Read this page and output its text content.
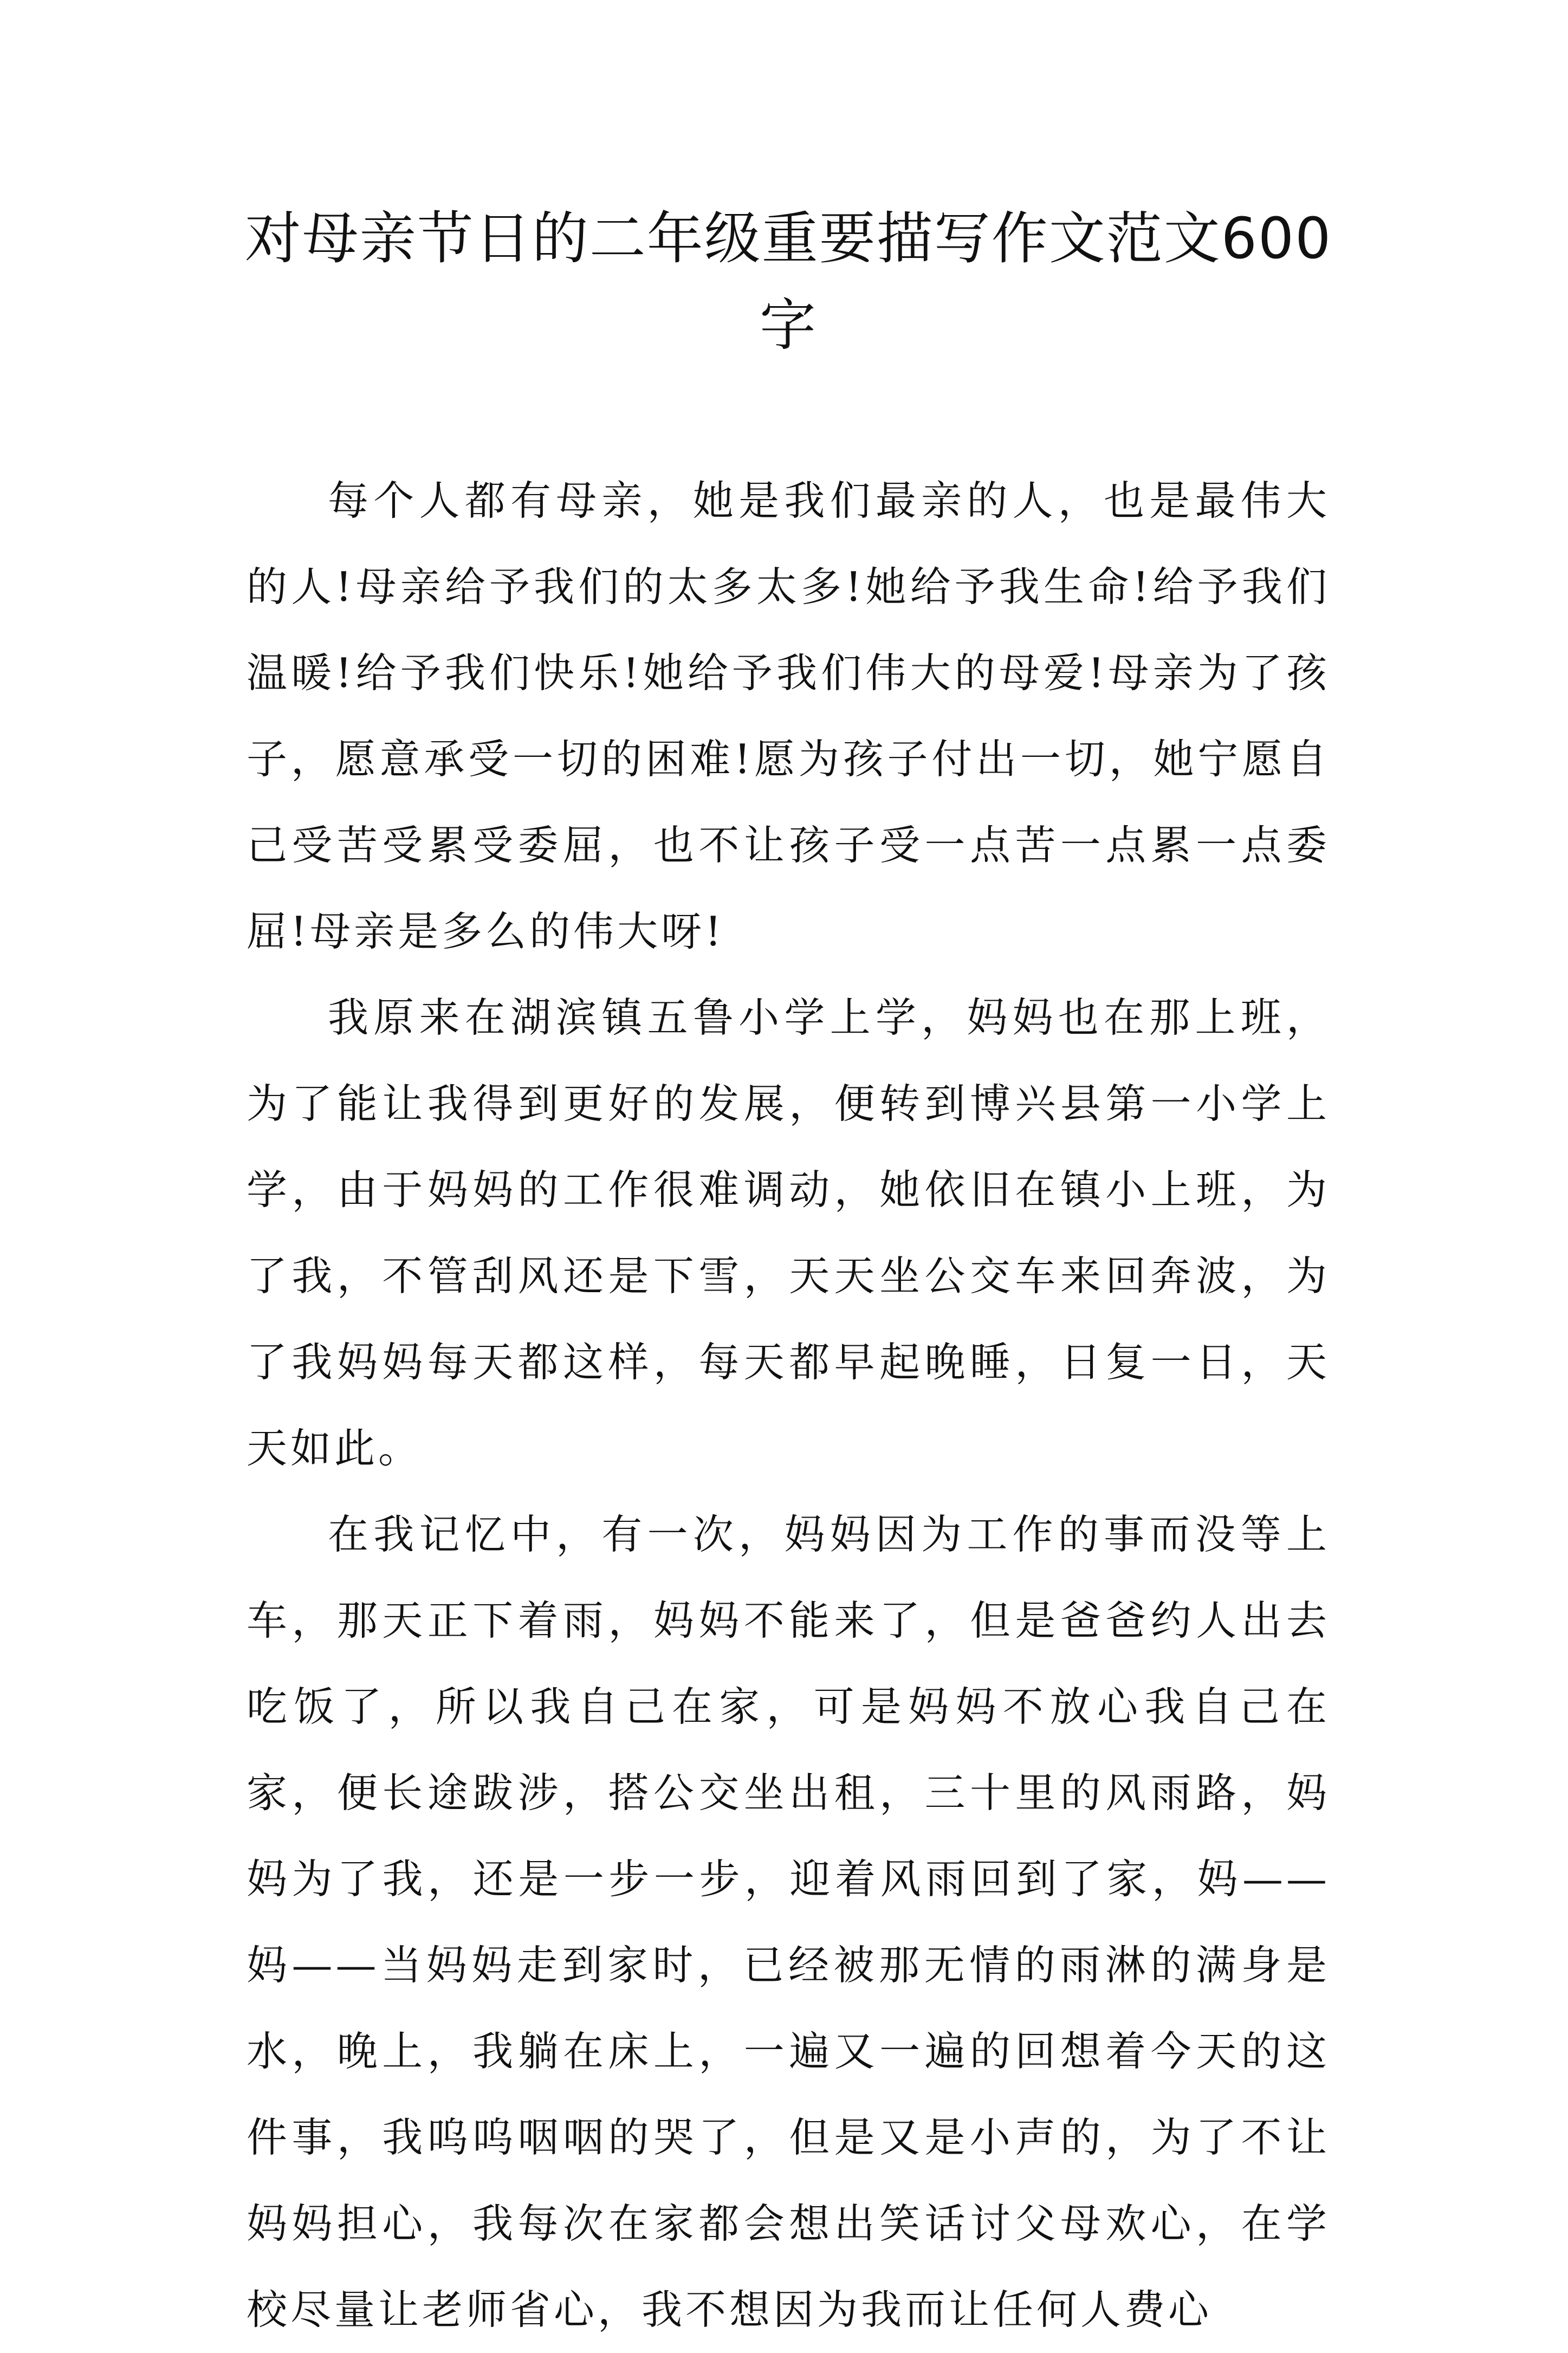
对母亲节日的二年级重要描写作文范文600字

每个人都有母亲，她是我们最亲的人，也是最伟大的人!母亲给予我们的太多太多!她给予我生命!给予我们温暖!给予我们快乐!她给予我们伟大的母爱!母亲为了孩子，愿意承受一切的困难!愿为孩子付出一切，她宁愿自己受苦受累受委屈，也不让孩子受一点苦一点累一点委屈!母亲是多么的伟大呀!

我原来在湖滨镇五鲁小学上学，妈妈也在那上班，为了能让我得到更好的发展，便转到博兴县第一小学上学，由于妈妈的工作很难调动，她依旧在镇小上班，为了我，不管刮风还是下雪，天天坐公交车来回奔波，为了我妈妈每天都这样，每天都早起晚睡，日复一日，天天如此。

在我记忆中，有一次，妈妈因为工作的事而没等上车，那天正下着雨，妈妈不能来了，但是爸爸约人出去吃饭了，所以我自己在家，可是妈妈不放心我自己在家，便长途跋涉，搭公交坐出租，三十里的风雨路，妈妈为了我，还是一步一步，迎着风雨回到了家，妈——妈——当妈妈走到家时，已经被那无情的雨淋的满身是水，晚上，我躺在床上，一遍又一遍的回想着今天的这件事，我呜呜咽咽的哭了，但是又是小声的，为了不让妈妈担心，我每次在家都会想出笑话讨父母欢心，在学校尽量让老师省心，我不想因为我而让任何人费心
